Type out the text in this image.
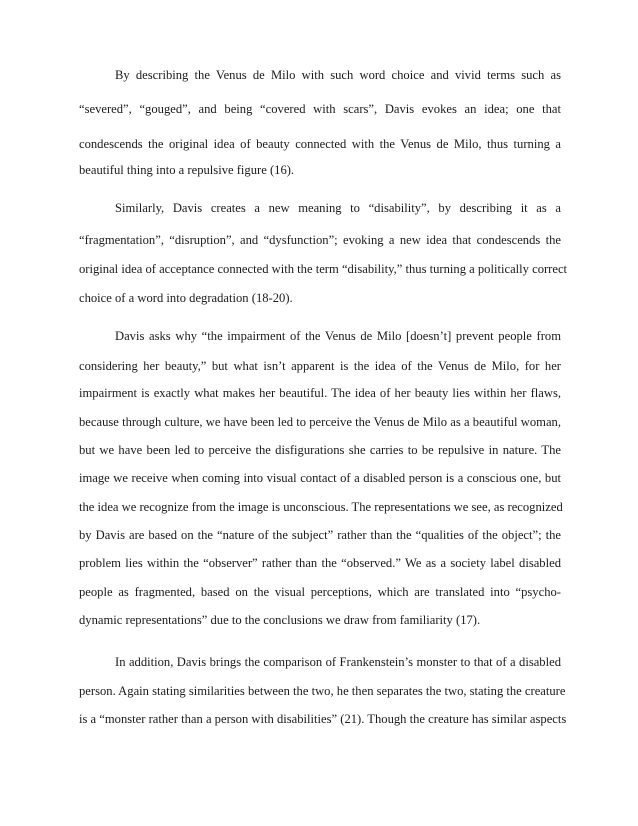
By describing the Venus de Milo with such word choice and vivid terms such as
“severed”, “gouged”, and being “covered with scars”, Davis evokes an idea; one that
condescends the original idea of beauty connected with the Venus de Milo, thus turning a
beautiful thing into a repulsive figure (16).
Similarly, Davis creates a new meaning to “disability”, by describing it as a
“fragmentation”, “disruption”, and “dysfunction”; evoking a new idea that condescends the
original idea of acceptance connected with the term “disability,” thus turning a politically correct
choice of a word into degradation (18-20).
Davis asks why “the impairment of the Venus de Milo [doesn’t] prevent people from
considering her beauty,” but what isn’t apparent is the idea of the Venus de Milo, for her
impairment is exactly what makes her beautiful. The idea of her beauty lies within her flaws,
because through culture, we have been led to perceive the Venus de Milo as a beautiful woman,
but we have been led to perceive the disfigurations she carries to be repulsive in nature. The
image we receive when coming into visual contact of a disabled person is a conscious one, but
the idea we recognize from the image is unconscious. The representations we see, as recognized
by Davis are based on the “nature of the subject” rather than the “qualities of the object”; the
problem lies within the “observer” rather than the “observed.” We as a society label disabled
people as fragmented, based on the visual perceptions, which are translated into “psycho-
dynamic representations” due to the conclusions we draw from familiarity (17).
In addition, Davis brings the comparison of Frankenstein’s monster to that of a disabled
person. Again stating similarities between the two, he then separates the two, stating the creature
is a “monster rather than a person with disabilities” (21). Though the creature has similar aspects
